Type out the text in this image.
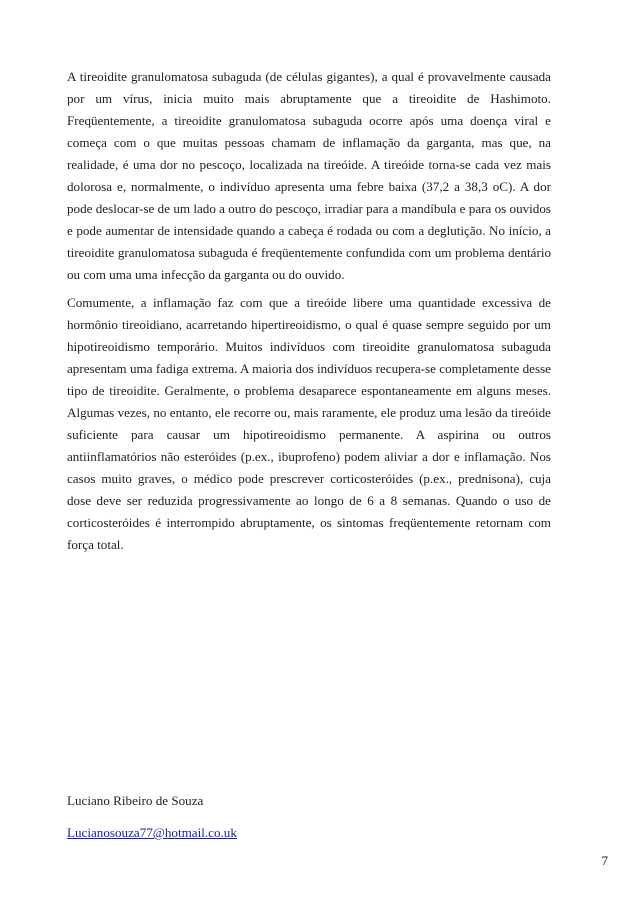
A tireoidite granulomatosa subaguda (de células gigantes), a qual é provavelmente causada por um vírus, inicia muito mais abruptamente que a tireoidite de Hashimoto. Freqüentemente, a tireoidite granulomatosa subaguda ocorre após uma doença viral e começa com o que muitas pessoas chamam de inflamação da garganta, mas que, na realidade, é uma dor no pescoço, localizada na tireóide. A tireóide torna-se cada vez mais dolorosa e, normalmente, o indivíduo apresenta uma febre baixa (37,2 a 38,3 oC). A dor pode deslocar-se de um lado a outro do pescoço, irradiar para a mandíbula e para os ouvidos e pode aumentar de intensidade quando a cabeça é rodada ou com a deglutição. No início, a tireoidite granulomatosa subaguda é freqüentemente confundida com um problema dentário ou com uma uma infecção da garganta ou do ouvido.

Comumente, a inflamação faz com que a tireóide libere uma quantidade excessiva de hormônio tireoidiano, acarretando hipertireoidismo, o qual é quase sempre seguido por um hipotireoidismo temporário. Muitos indivíduos com tireoidite granulomatosa subaguda apresentam uma fadiga extrema. A maioria dos indivíduos recupera-se completamente desse tipo de tireoidite. Geralmente, o problema desaparece espontaneamente em alguns meses. Algumas vezes, no entanto, ele recorre ou, mais raramente, ele produz uma lesão da tireóide suficiente para causar um hipotireoidismo permanente. A aspirina ou outros antiinflamatórios não esteróides (p.ex., ibuprofeno) podem aliviar a dor e inflamação. Nos casos muito graves, o médico pode prescrever corticosteróides (p.ex., prednisona), cuja dose deve ser reduzida progressivamente ao longo de 6 a 8 semanas. Quando o uso de corticosteróides é interrompido abruptamente, os sintomas freqüentemente retornam com força total.

Luciano Ribeiro de Souza

Lucianosouza77@hotmail.co.uk

7
